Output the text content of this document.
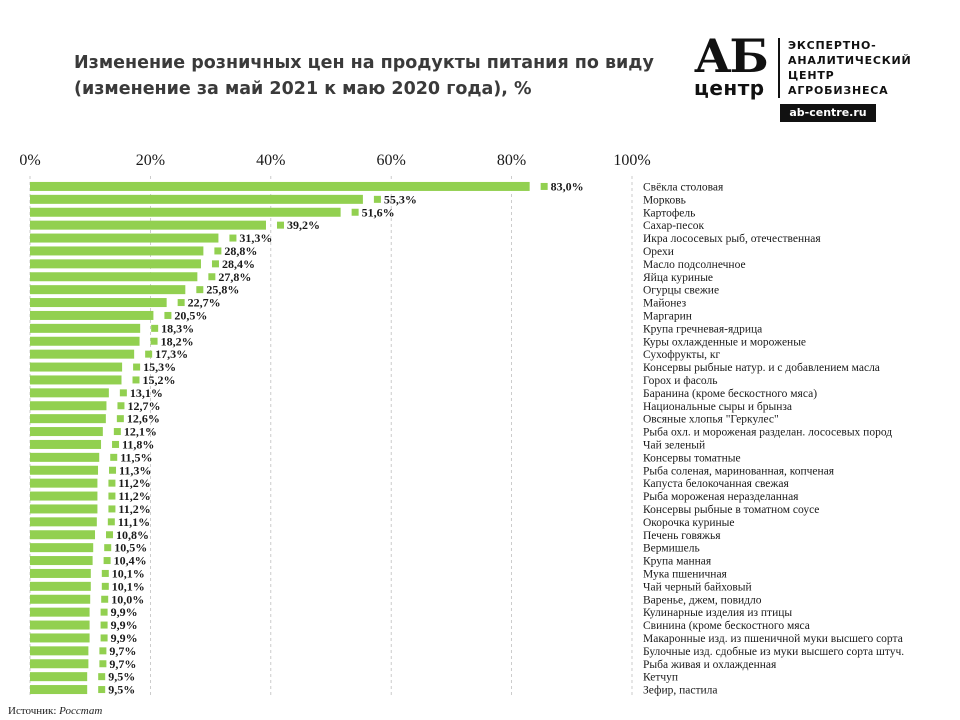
Изменение розничных цен на продукты питания по виду
(изменение за май 2021 к маю 2020 года), %
АБ
центр
ЭКСПЕРТНО-
АНАЛИТИЧЕСКИЙ
ЦЕНТР
АГРОБИЗНЕСА
ab-centre.ru
0%	20%	40%	60%	80%	100%
83,0%
55,3%
51,6%
39,2%
31,3%
28,8%
28,4%
27,8%
25,8%
22,7%
20,5%
18,3%
18,2%
17,3%
15,3%
15,2%
13,1%
12,7%
12,6%
12,1%
11,8%
11,5%
11,3%
11,2%
11,2%
11,2%
11,1%
10,8%
10,5%
10,4%
10,1%
10,1%
10,0%
9,9%
9,9%
9,9%
9,7%
9,7%
9,5%
9,5%
Свёкла столовая
Морковь
Картофель
Сахар-песок
Икра лососевых рыб, отечественная
Орехи
Масло подсолнечное
Яйца куриные
Огурцы свежие
Майонез
Маргарин
Крупа гречневая-ядрица
Куры охлажденные и мороженые
Сухофрукты, кг
Консервы рыбные натур. и с добавлением масла
Горох и фасоль
Баранина (кроме бескостного мяса)
Национальные сыры и брынза
Овсяные хлопья "Геркулес"
Рыба охл. и мороженая разделан. лососевых пород
Чай зеленый
Консервы томатные
Рыба соленая, маринованная, копченая
Капуста белокочанная свежая
Рыба мороженая неразделанная
Консервы рыбные в томатном соусе
Окорочка куриные
Печень говяжья
Вермишель
Крупа манная
Мука пшеничная
Чай черный байховый
Варенье, джем, повидло
Кулинарные изделия из птицы
Свинина (кроме бескостного мяса
Макаронные изд. из пшеничной муки высшего сорта
Булочные изд. сдобные из муки высшего сорта штуч.
Рыба живая и охлажденная
Кетчуп
Зефир, пастила
Источник: Росстат
